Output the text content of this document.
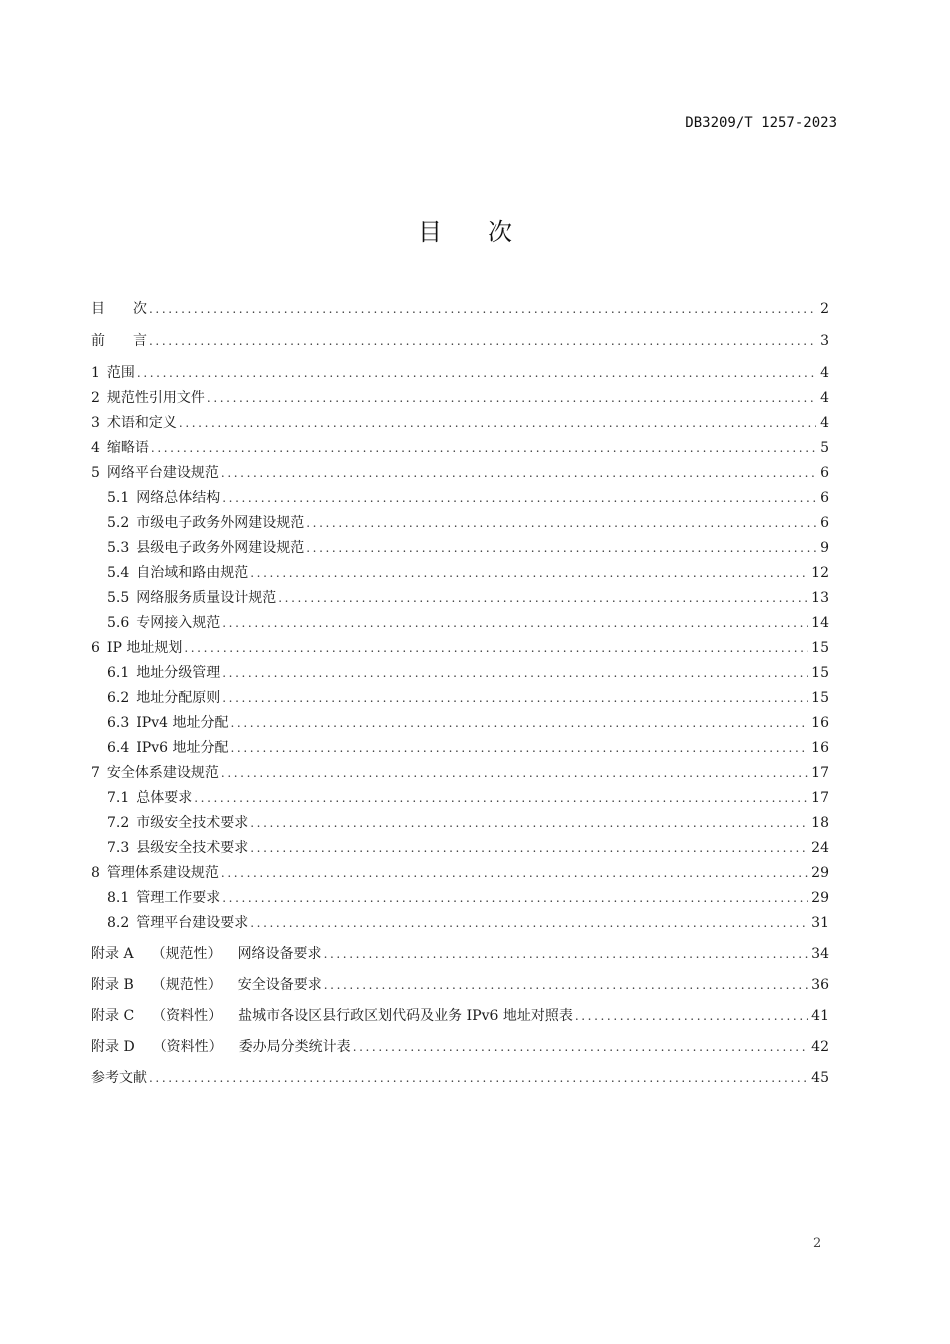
DB3209/T 1257-2023
目 次
目　　次 .....	2
前　　言 .....	3
1 范围 .....	4
2 规范性引用文件 .....	4
3 术语和定义 .....	4
4 缩略语 .....	5
5 网络平台建设规范 .....	6
5.1 网络总体结构 .....	6
5.2 市级电子政务外网建设规范 .....	6
5.3 县级电子政务外网建设规范 .....	9
5.4 自治域和路由规范 .....	12
5.5 网络服务质量设计规范 .....	13
5.6 专网接入规范 .....	14
6 IP 地址规划 .....	15
6.1 地址分级管理 .....	15
6.2 地址分配原则 .....	15
6.3 IPv4 地址分配 .....	16
6.4 IPv6 地址分配 .....	16
7 安全体系建设规范 .....	17
7.1 总体要求 .....	17
7.2 市级安全技术要求 .....	18
7.3 县级安全技术要求 .....	24
8 管理体系建设规范 .....	29
8.1 管理工作要求 .....	29
8.2 管理平台建设要求 .....	31
附录 A （规范性） 网络设备要求 .....	34
附录 B （规范性） 安全设备要求 .....	36
附录 C （资料性） 盐城市各设区县行政区划代码及业务 IPv6 地址对照表 .....	41
附录 D （资料性） 委办局分类统计表 .....	42
参考文献 .....	45
2
